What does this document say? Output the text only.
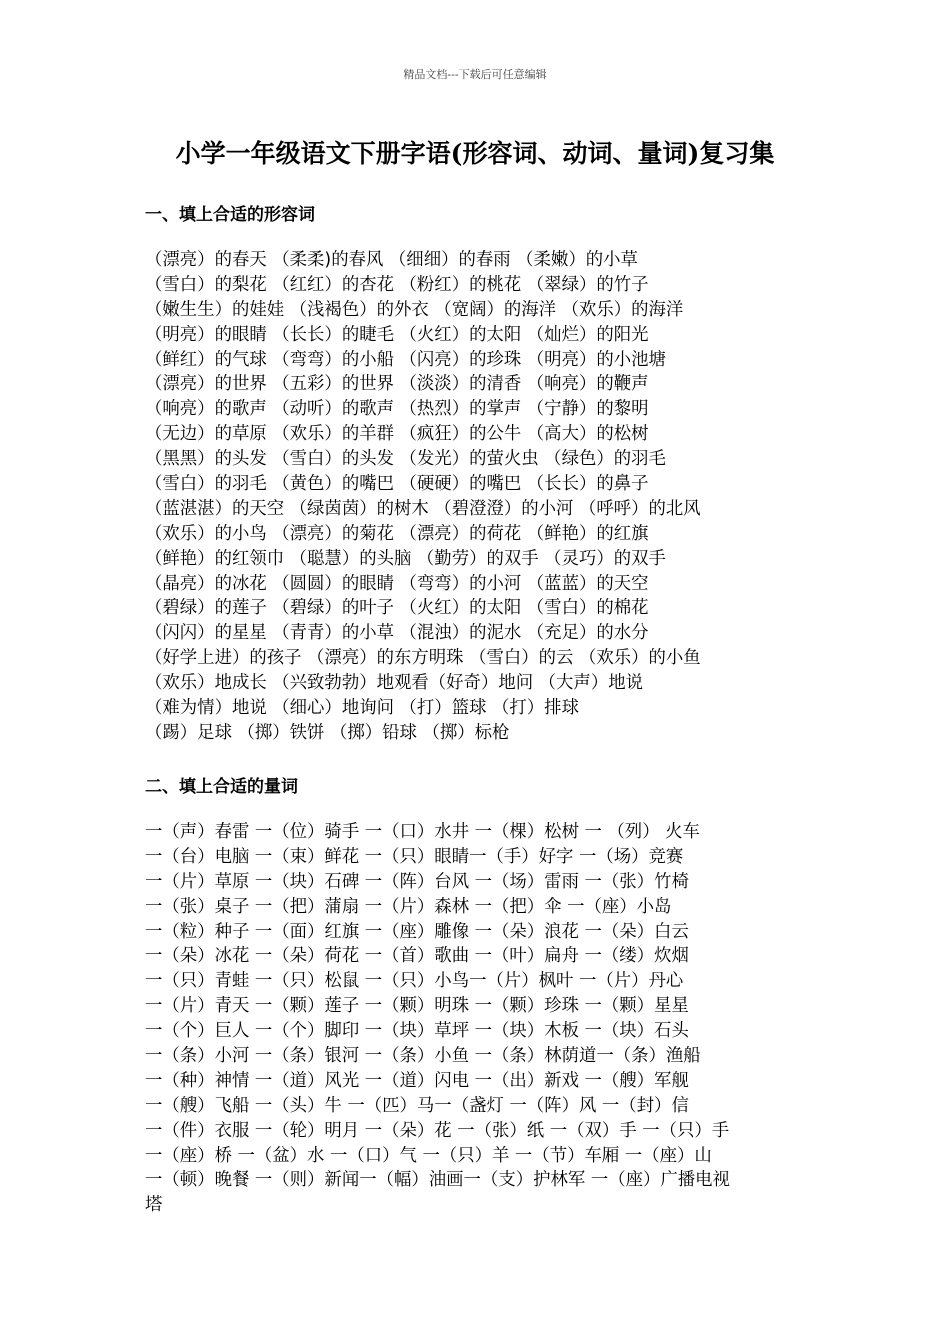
精品文档---下载后可任意编辑
小学一年级语文下册字语(形容词、动词、量词)复习集
一、填上合适的形容词
（漂亮）的春天 （柔柔)的春风 （细细）的春雨 （柔嫩）的小草
（雪白）的梨花 （红红）的杏花 （粉红）的桃花 （翠绿）的竹子
（嫩生生）的娃娃 （浅褐色）的外衣 （宽阔）的海洋 （欢乐）的海洋
（明亮）的眼睛 （长长）的睫毛 （火红）的太阳 （灿烂）的阳光
（鲜红）的气球 （弯弯）的小船 （闪亮）的珍珠 （明亮）的小池塘
（漂亮）的世界 （五彩）的世界 （淡淡）的清香 （响亮）的鞭声
（响亮）的歌声 （动听）的歌声 （热烈）的掌声 （宁静）的黎明
（无边）的草原 （欢乐）的羊群 （疯狂）的公牛 （高大）的松树
（黑黑）的头发 （雪白）的头发 （发光）的萤火虫 （绿色）的羽毛
（雪白）的羽毛 （黄色）的嘴巴 （硬硬）的嘴巴 （长长）的鼻子
（蓝湛湛）的天空 （绿茵茵）的树木 （碧澄澄）的小河 （呼呼）的北风
（欢乐）的小鸟 （漂亮）的菊花 （漂亮）的荷花 （鲜艳）的红旗
（鲜艳）的红领巾 （聪慧）的头脑 （勤劳）的双手 （灵巧）的双手
（晶亮）的冰花 （圆圆）的眼睛 （弯弯）的小河 （蓝蓝）的天空
（碧绿）的莲子 （碧绿）的叶子 （火红）的太阳 （雪白）的棉花
（闪闪）的星星 （青青）的小草 （混浊）的泥水 （充足）的水分
（好学上进）的孩子 （漂亮）的东方明珠 （雪白）的云 （欢乐）的小鱼
（欢乐）地成长 （兴致勃勃）地观看（好奇）地问 （大声）地说
（难为情）地说 （细心）地询问 （打）篮球 （打）排球
（踢）足球 （掷）铁饼 （掷）铅球 （掷）标枪
二、填上合适的量词
一（声）春雷 一（位）骑手 一（口）水井 一（棵）松树 一 （列） 火车
一（台）电脑 一（束）鲜花 一（只）眼睛一（手）好字 一（场）竞赛
一（片）草原 一（块）石碑 一（阵）台风 一（场）雷雨 一（张）竹椅
一（张）桌子 一（把）蒲扇 一（片）森林 一（把）伞 一（座）小岛
一（粒）种子 一（面）红旗 一（座）雕像 一（朵）浪花 一（朵）白云
一（朵）冰花 一（朵）荷花 一（首）歌曲 一（叶）扁舟 一（缕）炊烟
一（只）青蛙 一（只）松鼠 一（只）小鸟一（片）枫叶 一（片）丹心
一（片）青天 一（颗）莲子 一（颗）明珠 一（颗）珍珠 一（颗）星星
一（个）巨人 一（个）脚印 一（块）草坪 一（块）木板 一（块）石头
一（条）小河 一（条）银河 一（条）小鱼 一（条）林荫道一（条）渔船
一（种）神情 一（道）风光 一（道）闪电 一（出）新戏 一（艘）军舰
一（艘）飞船 一（头）牛 一（匹）马一（盏灯 一（阵）风 一（封）信
一（件）衣服 一（轮）明月 一（朵）花 一（张）纸 一（双）手 一（只）手
一（座）桥 一（盆）水 一（口）气 一（只）羊 一（节）车厢 一（座）山
一（顿）晚餐 一（则）新闻一（幅）油画一（支）护林军 一（座）广播电视
塔
